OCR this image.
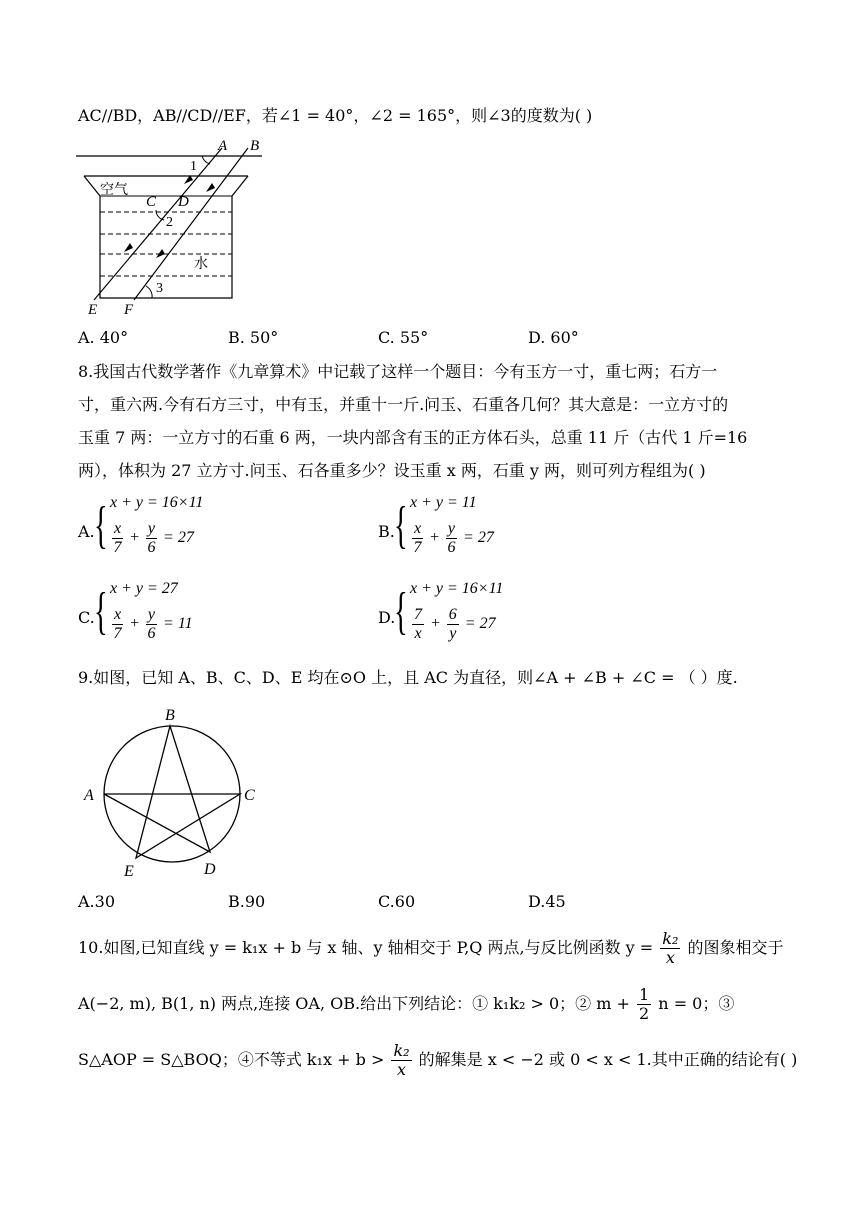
AC//BD，AB//CD//EF，若∠1 = 40°，∠2 = 165°，则∠3的度数为( )
A B
1
空气
C D
2
水
3
E F
A. 40°	B. 50°	C. 55°	D. 60°
8.我国古代数学著作《九章算术》中记载了这样一个题目：今有玉方一寸，重七两；石方一
寸，重六两.今有石方三寸，中有玉，并重十一斤.问玉、石重各几何？其大意是：一立方寸的
玉重 7 两：一立方寸的石重 6 两，一块内部含有玉的正方体石头，总重 11 斤（古代 1 斤=16
两），体积为 27 立方寸.问玉、石各重多少？设玉重 x 两，石重 y 两，则可列方程组为( )
A. { x + y = 16×11
$\frac{x}{7} + \frac{y}{6} = 27$	B. { x + y = 11
$\frac{x}{7} + \frac{y}{6} = 27$
C. { x + y = 27
$\frac{x}{7} + \frac{y}{6} = 11$	D.
{ x + y = 16×11
$\frac{7}{x} + \frac{6}{y} = 27$
9.如图，已知 A、B、C、D、E 均在⊙O 上，且 AC 为直径，则∠A + ∠B + ∠C = （ ）度.
B
A	C
E	D
A.30	B.90	C.60	D.45
10.如图,已知直线 y = k₁x + b 与 x 轴、y 轴相交于 P,Q 两点,与反比例函数 $y = \frac{\text{k₂}}{x}$ 的图象相交于
A(−2, m), B(1, n) 两点,连接 OA, OB.给出下列结论：① k₁k₂ > 0；② $m + \frac{1}{2}$ n = 0；③
S△AOP = S△BOQ；④不等式 $k_1x + b > \frac{\text{k₂}}{x}$ 的解集是 x < −2 或 0 < x < 1.其中正确的结论有( )
